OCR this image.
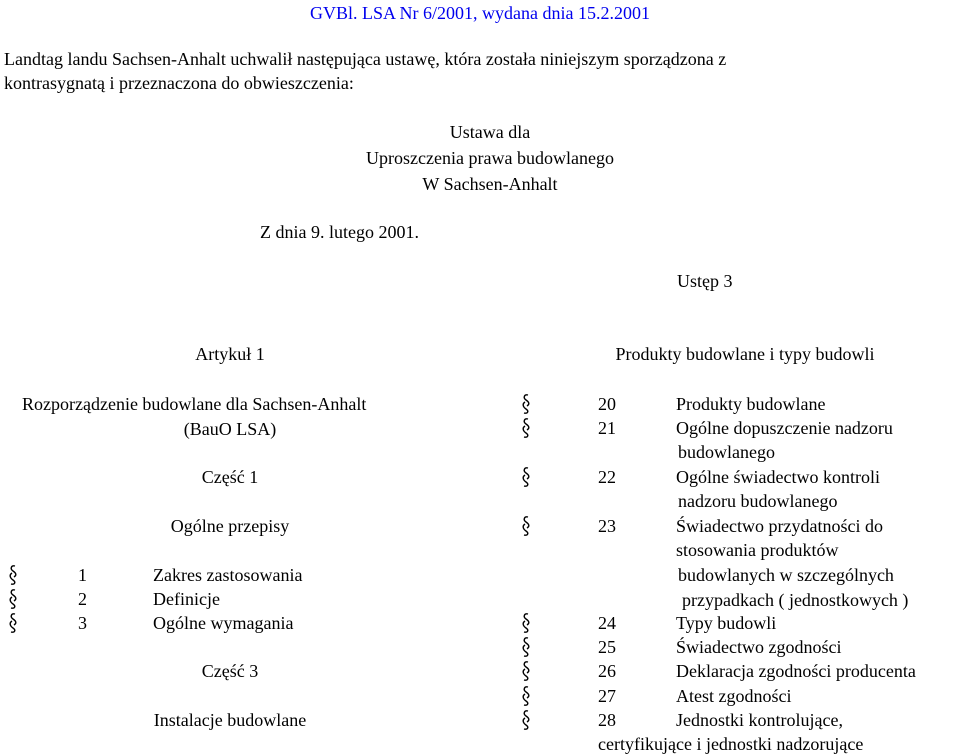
GVBl. LSA Nr 6/2001, wydana dnia 15.2.2001
Landtag landu Sachsen-Anhalt uchwalił następująca ustawę, która została niniejszym sporządzona z
kontrasygnatą i przeznaczona do obwieszczenia:
Ustawa dla
Uproszczenia prawa budowlanego
W Sachsen-Anhalt
Z dnia 9. lutego 2001.
Ustęp 3
Artykuł 1
Rozporządzenie budowlane dla Sachsen-Anhalt
(BauO LSA)
Część 1
Ogólne przepisy
1	Zakres zastosowania
2	Definicje
3	Ogólne wymagania
Część 3
Instalacje budowlane
Produkty budowlane i typy budowli
20	Produkty budowlane
21	Ogólne dopuszczenie nadzoru
budowlanego
22	Ogólne świadectwo kontroli
nadzoru budowlanego
23	Świadectwo przydatności do
stosowania produktów
budowlanych w szczególnych
przypadkach ( jednostkowych )
24	Typy budowli
25	Świadectwo zgodności
26	Deklaracja zgodności producenta
27	Atest zgodności
28	Jednostki kontrolujące,
certyfikujące i jednostki nadzorujące
